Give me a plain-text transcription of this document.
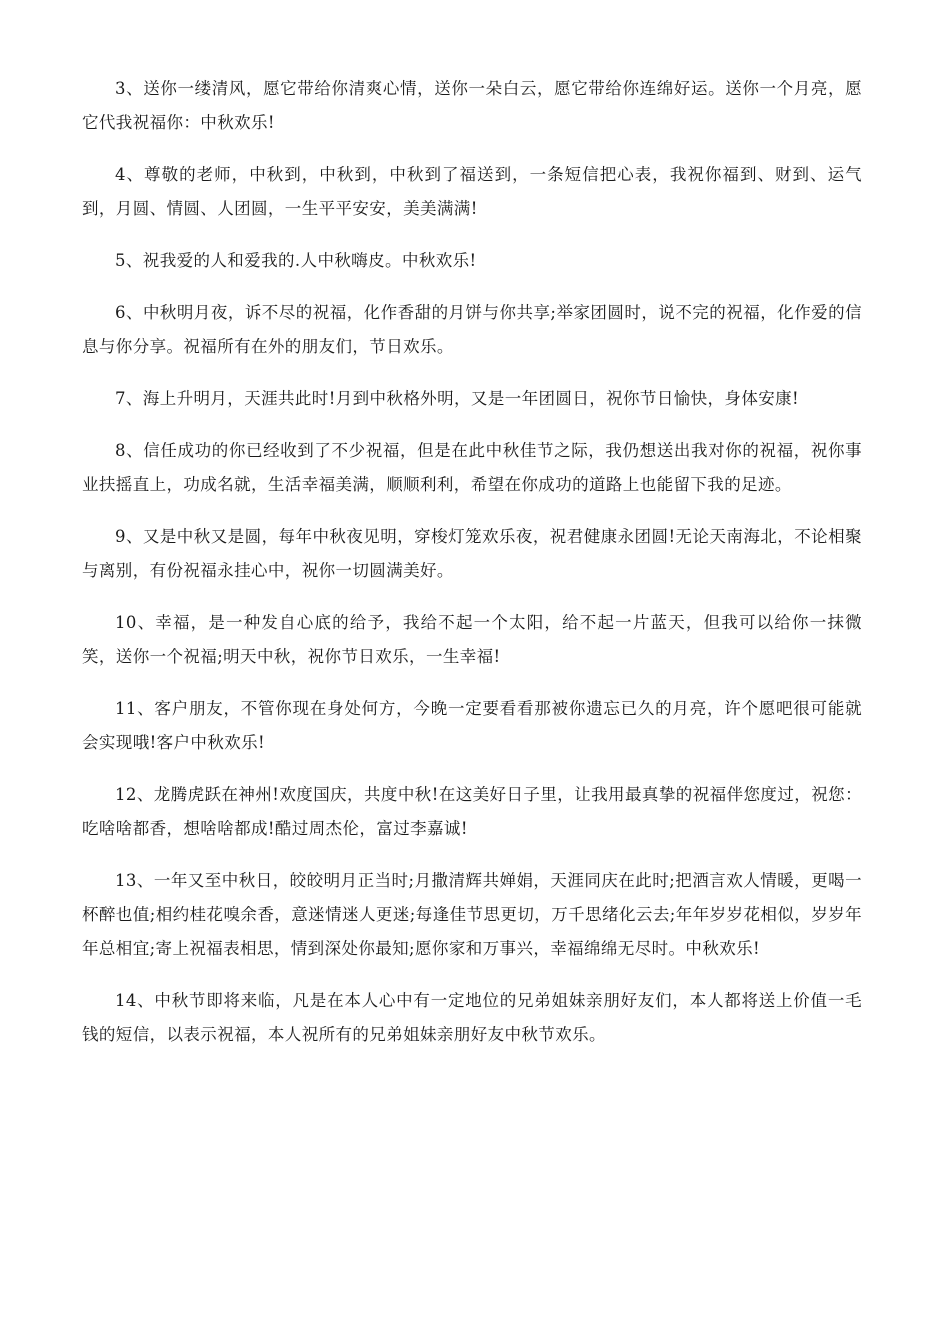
3、送你一缕清风，愿它带给你清爽心情，送你一朵白云，愿它带给你连绵好运。送你一个月亮，愿它代我祝福你：中秋欢乐!

4、尊敬的老师，中秋到，中秋到，中秋到了福送到，一条短信把心表，我祝你福到、财到、运气到，月圆、情圆、人团圆，一生平平安安，美美满满!

5、祝我爱的人和爱我的.人中秋嗨皮。中秋欢乐!

6、中秋明月夜，诉不尽的祝福，化作香甜的月饼与你共享;举家团圆时，说不完的祝福，化作爱的信息与你分享。祝福所有在外的朋友们，节日欢乐。

7、海上升明月，天涯共此时!月到中秋格外明，又是一年团圆日，祝你节日愉快，身体安康!

8、信任成功的你已经收到了不少祝福，但是在此中秋佳节之际，我仍想送出我对你的祝福，祝你事业扶摇直上，功成名就，生活幸福美满，顺顺利利，希望在你成功的道路上也能留下我的足迹。

9、又是中秋又是圆，每年中秋夜见明，穿梭灯笼欢乐夜，祝君健康永团圆!无论天南海北，不论相聚与离别，有份祝福永挂心中，祝你一切圆满美好。

10、幸福，是一种发自心底的给予，我给不起一个太阳，给不起一片蓝天，但我可以给你一抹微笑，送你一个祝福;明天中秋，祝你节日欢乐，一生幸福!

11、客户朋友，不管你现在身处何方，今晚一定要看看那被你遗忘已久的月亮，许个愿吧很可能就会实现哦!客户中秋欢乐!

12、龙腾虎跃在神州!欢度国庆，共度中秋!在这美好日子里，让我用最真挚的祝福伴您度过，祝您：吃啥啥都香，想啥啥都成!酷过周杰伦，富过李嘉诚!

13、一年又至中秋日，皎皎明月正当时;月撒清辉共婵娟，天涯同庆在此时;把酒言欢人情暖，更喝一杯醉也值;相约桂花嗅余香，意迷情迷人更迷;每逢佳节思更切，万千思绪化云去;年年岁岁花相似，岁岁年年总相宜;寄上祝福表相思，情到深处你最知;愿你家和万事兴，幸福绵绵无尽时。中秋欢乐!

14、中秋节即将来临，凡是在本人心中有一定地位的兄弟姐妹亲朋好友们，本人都将送上价值一毛钱的短信，以表示祝福，本人祝所有的兄弟姐妹亲朋好友中秋节欢乐。
